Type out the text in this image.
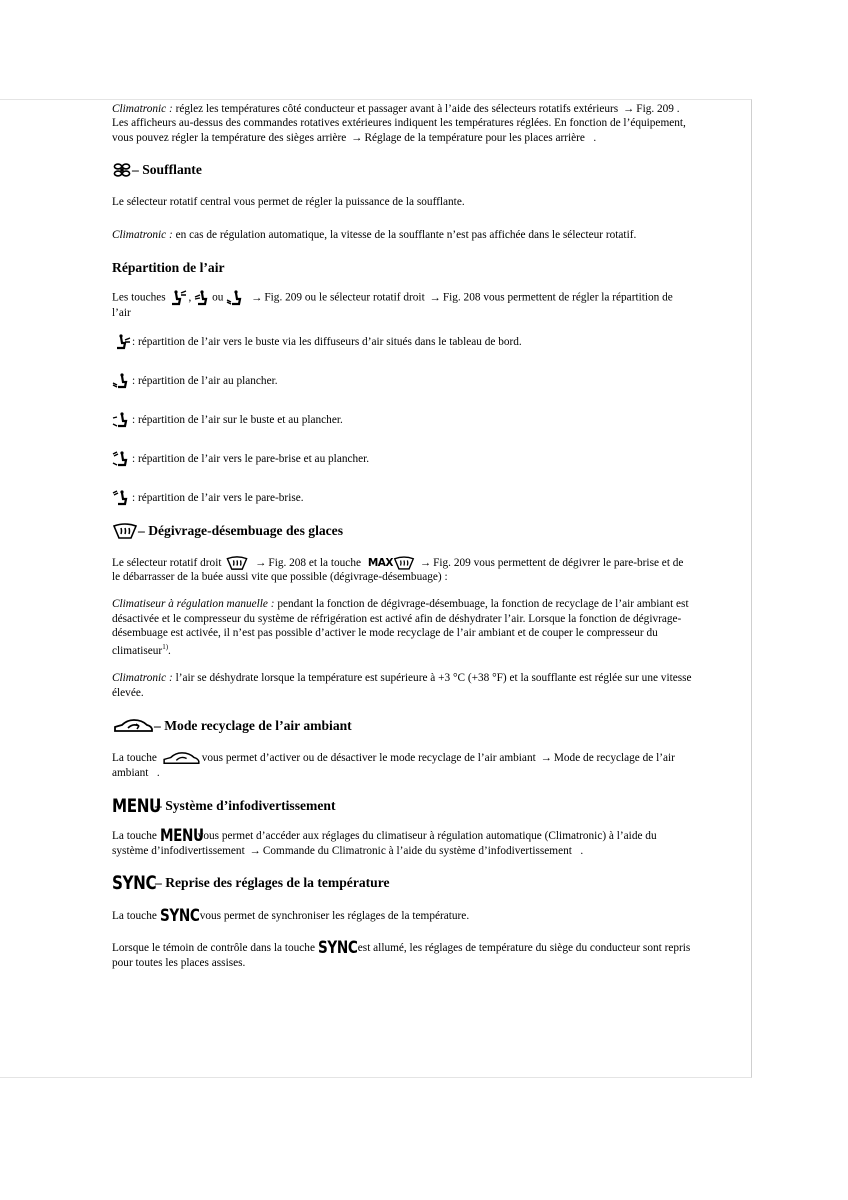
Climatronic : réglez les températures côté conducteur et passager avant à l’aide des sélecteurs rotatifs extérieurs → Fig. 209 .
Les afficheurs au-dessus des commandes rotatives extérieures indiquent les températures réglées. En fonction de l’équipement,
vous pouvez régler la température des sièges arrière → Réglage de la température pour les places arrière   .

– Soufflante

Le sélecteur rotatif central vous permet de régler la puissance de la soufflante.

Climatronic : en cas de régulation automatique, la vitesse de la soufflante n’est pas affichée dans le sélecteur rotatif.

Répartition de l’air

Les touches , ou → Fig. 209 ou le sélecteur rotatif droit → Fig. 208 vous permettent de régler la répartition de
l’air

: répartition de l’air vers le buste via les diffuseurs d’air situés dans le tableau de bord.

: répartition de l’air au plancher.

: répartition de l’air sur le buste et au plancher.

: répartition de l’air vers le pare-brise et au plancher.

: répartition de l’air vers le pare-brise.

– Dégivrage-désembuage des glaces

Le sélecteur rotatif droit	→ Fig. 208 et la touche MAX → Fig. 209 vous permettent de dégivrer le pare-brise et de
le débarrasser de la buée aussi vite que possible (dégivrage-désembuage) :

Climatiseur à régulation manuelle : pendant la fonction de dégivrage-désembuage, la fonction de recyclage de l’air ambiant est
désactivée et le compresseur du système de réfrigération est activé afin de déshydrater l’air. Lorsque la fonction de dégivrage-
désembuage est activée, il n’est pas possible d’activer le mode recyclage de l’air ambiant et de couper le compresseur du
climatiseur$^{1)}$.

Climatronic : l’air se déshydrate lorsque la température est supérieure à +3 °C (+38 °F) et la soufflante est réglée sur une vitesse
élevée.

– Mode recyclage de l’air ambiant

La touche	vous permet d’activer ou de désactiver le mode recyclage de l’air ambiant → Mode de recyclage de l’air
ambiant .

MENU
– Système d’infodivertissement

La touche MENUvous permet d’accéder aux réglages du climatiseur à régulation automatique (Climatronic) à l’aide du
système d’infodivertissement → Commande du Climatronic à l’aide du système d’infodivertissement .

SYNC
– Reprise des réglages de la température

La touche SYNCvous permet de synchroniser les réglages de la température.

Lorsque le témoin de contrôle dans la touche SYNCest allumé, les réglages de température du siège du conducteur sont repris
pour toutes les places assises.
